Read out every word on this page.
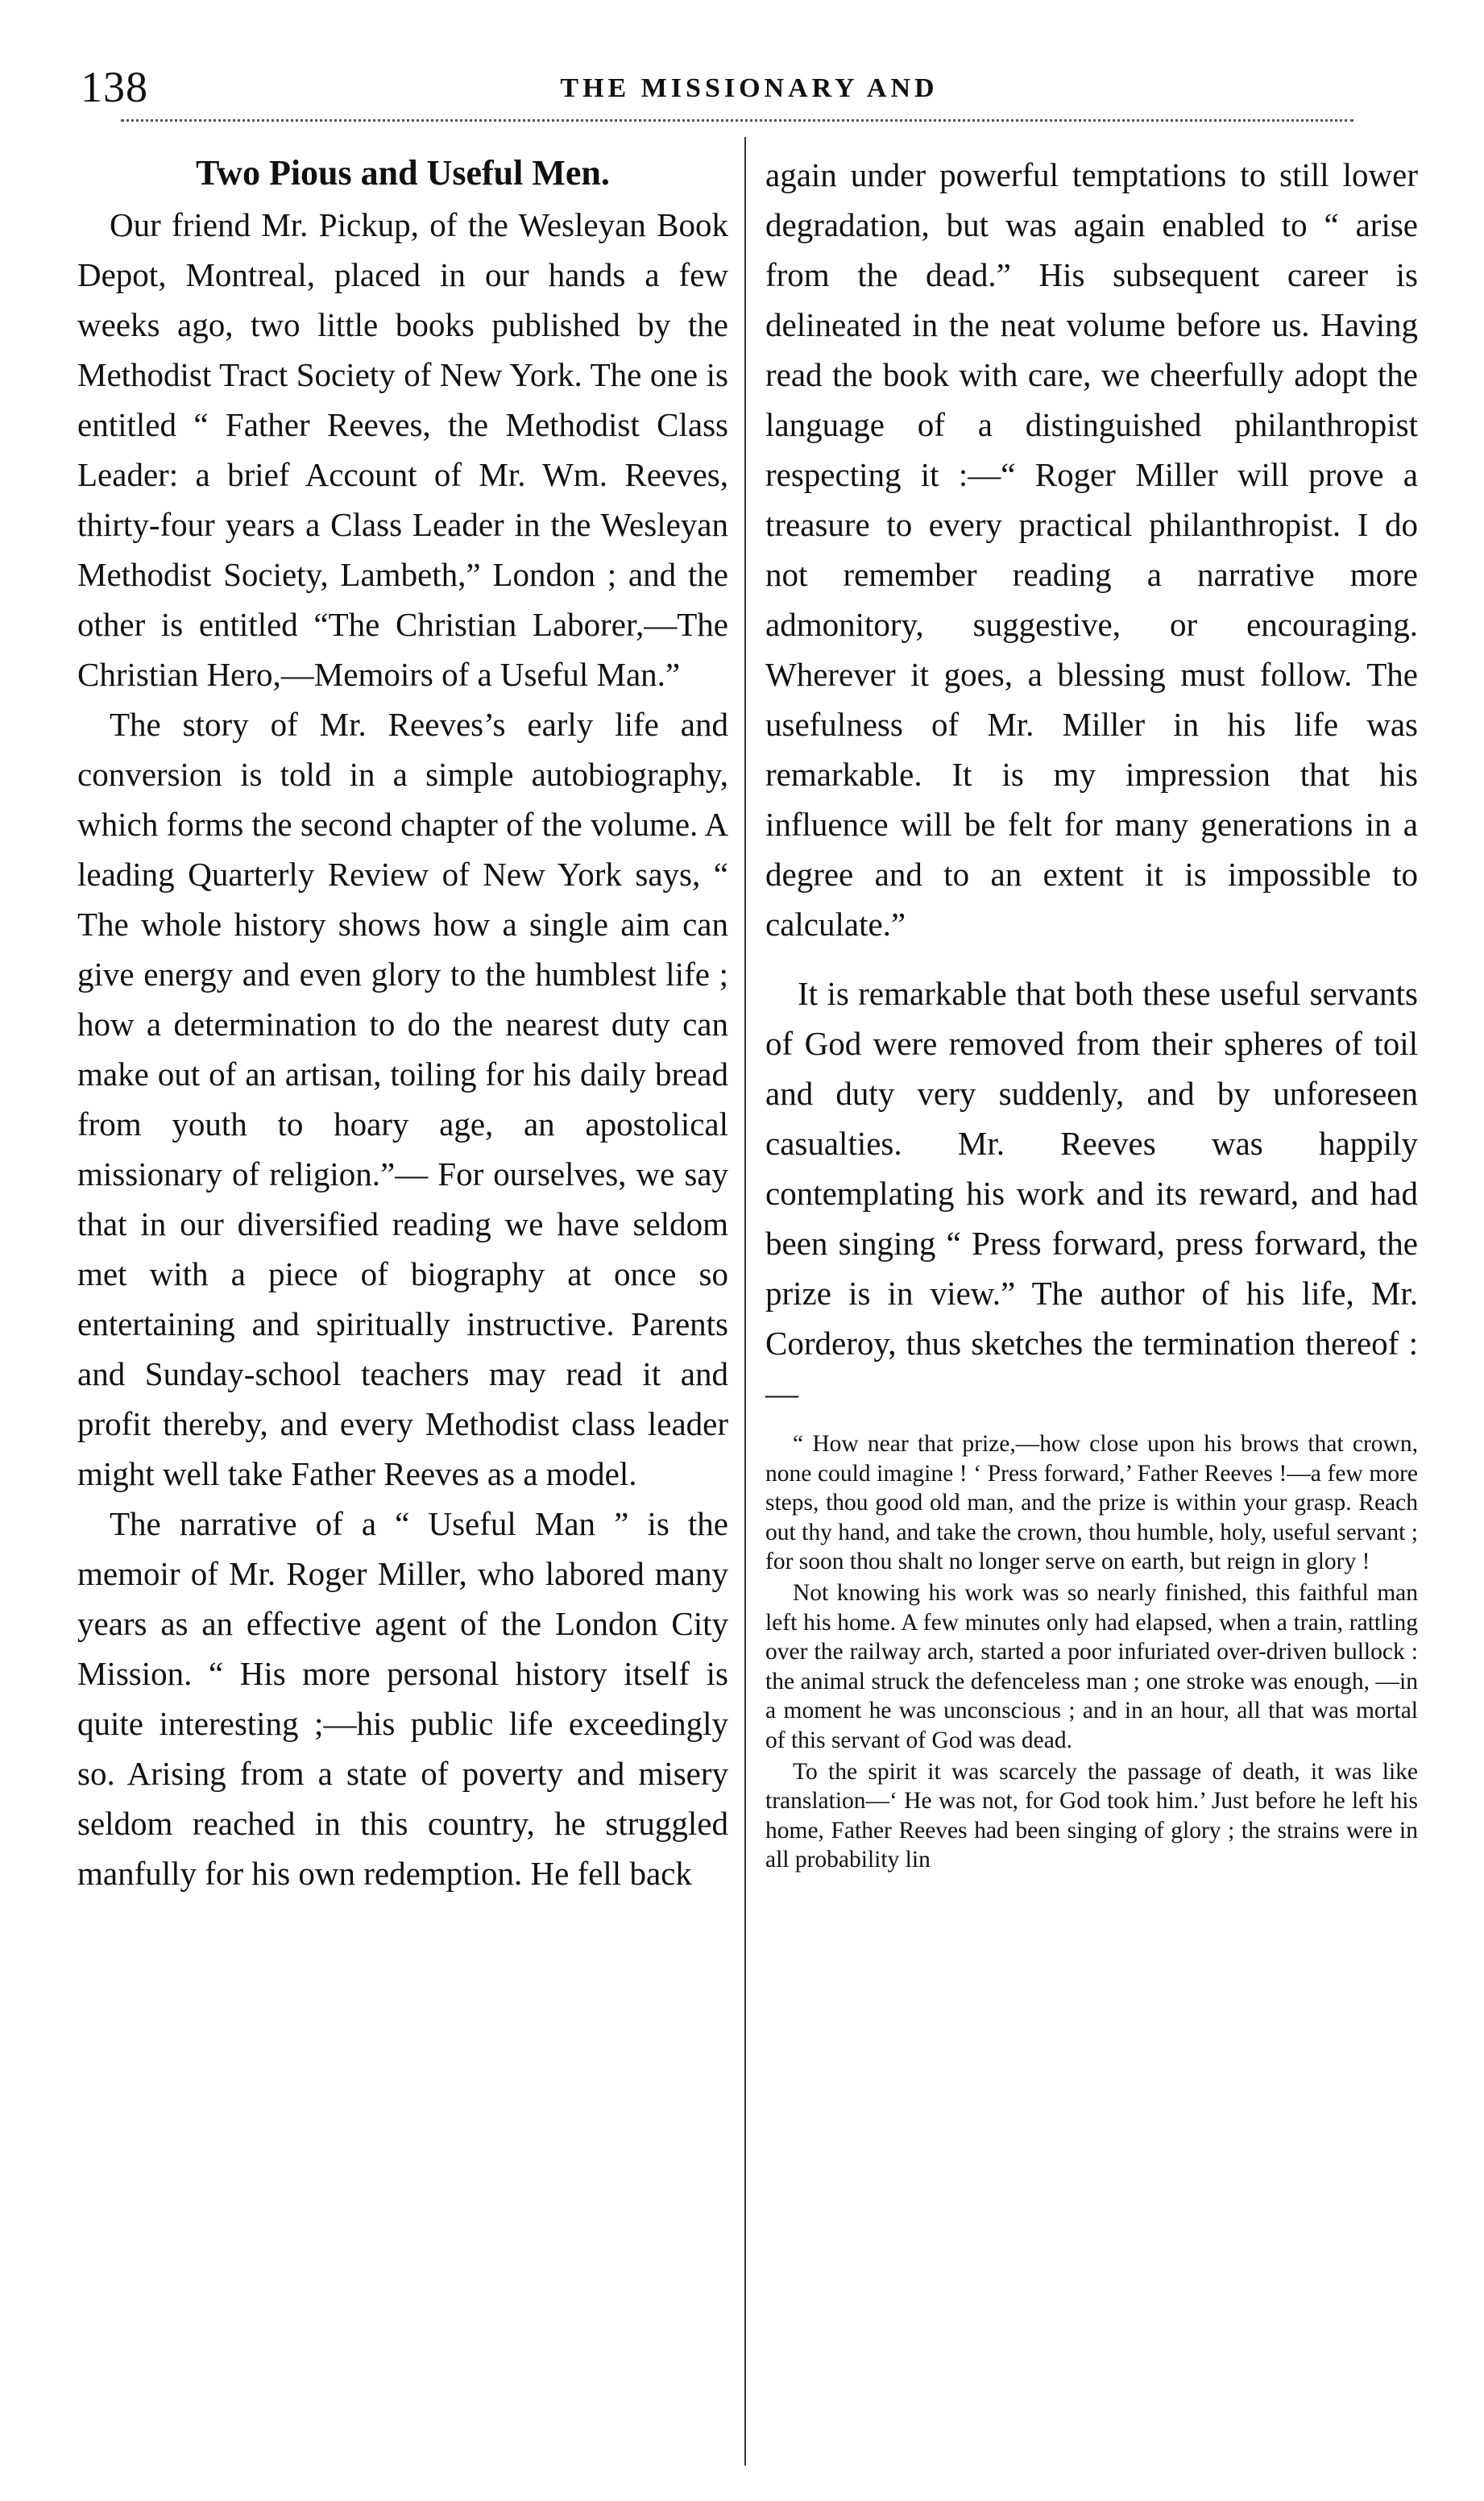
138	THE MISSIONARY AND
Two Pious and Useful Men.

Our friend Mr. Pickup, of the Wesleyan Book Depot, Montreal, placed in our hands a few weeks ago, two little books published by the Methodist Tract Society of New York. The one is entitled “ Father Reeves, the Methodist Class Leader: a brief Account of Mr. Wm. Reeves, thirty-four years a Class Leader in the Wesleyan Methodist Society, Lambeth,” London ; and the other is entitled “The Christian Laborer,—The Christian Hero,—Memoirs of a Useful Man.”

The story of Mr. Reeves’s early life and conversion is told in a simple autobiography, which forms the second chapter of the volume. A leading Quarterly Review of New York says, “ The whole history shows how a single aim can give energy and even glory to the humblest life ; how a determination to do the nearest duty can make out of an artisan, toiling for his daily bread from youth to hoary age, an apostolical missionary of religion.”— For ourselves, we say that in our diversified reading we have seldom met with a piece of biography at once so entertaining and spiritually instructive. Parents and Sunday-school teachers may read it and profit thereby, and every Methodist class leader might well take Father Reeves as a model.

The narrative of a “ Useful Man ” is the memoir of Mr. Roger Miller, who labored many years as an effective agent of the London City Mission. “ His more personal history itself is quite interesting ;—his public life exceedingly so. Arising from a state of poverty and misery seldom reached in this country, he struggled manfully for his own redemption. He fell back

again under powerful temptations to still lower degradation, but was again enabled to “ arise from the dead.” His subsequent career is delineated in the neat volume before us. Having read the book with care, we cheerfully adopt the language of a distinguished philanthropist respecting it :—“ Roger Miller will prove a treasure to every practical philanthropist. I do not remember reading a narrative more admonitory, suggestive, or encouraging. Wherever it goes, a blessing must follow. The usefulness of Mr. Miller in his life was remarkable. It is my impression that his influence will be felt for many generations in a degree and to an extent it is impossible to calculate.”

It is remarkable that both these useful servants of God were removed from their spheres of toil and duty very suddenly, and by unforeseen casualties. Mr. Reeves was happily contemplating his work and its reward, and had been singing “ Press forward, press forward, the prize is in view.” The author of his life, Mr. Corderoy, thus sketches the termination thereof :—

“ How near that prize,—how close upon his brows that crown, none could imagine ! ‘ Press forward,’ Father Reeves !—a few more steps, thou good old man, and the prize is within your grasp. Reach out thy hand, and take the crown, thou humble, holy, useful servant ; for soon thou shalt no longer serve on earth, but reign in glory !

Not knowing his work was so nearly finished, this faithful man left his home. A few minutes only had elapsed, when a train, rattling over the railway arch, started a poor infuriated over-driven bullock : the animal struck the defenceless man ; one stroke was enough, —in a moment he was unconscious ; and in an hour, all that was mortal of this servant of God was dead.

To the spirit it was scarcely the passage of death, it was like translation—‘ He was not, for God took him.’ Just before he left his home, Father Reeves had been singing of glory ; the strains were in all probability lin
